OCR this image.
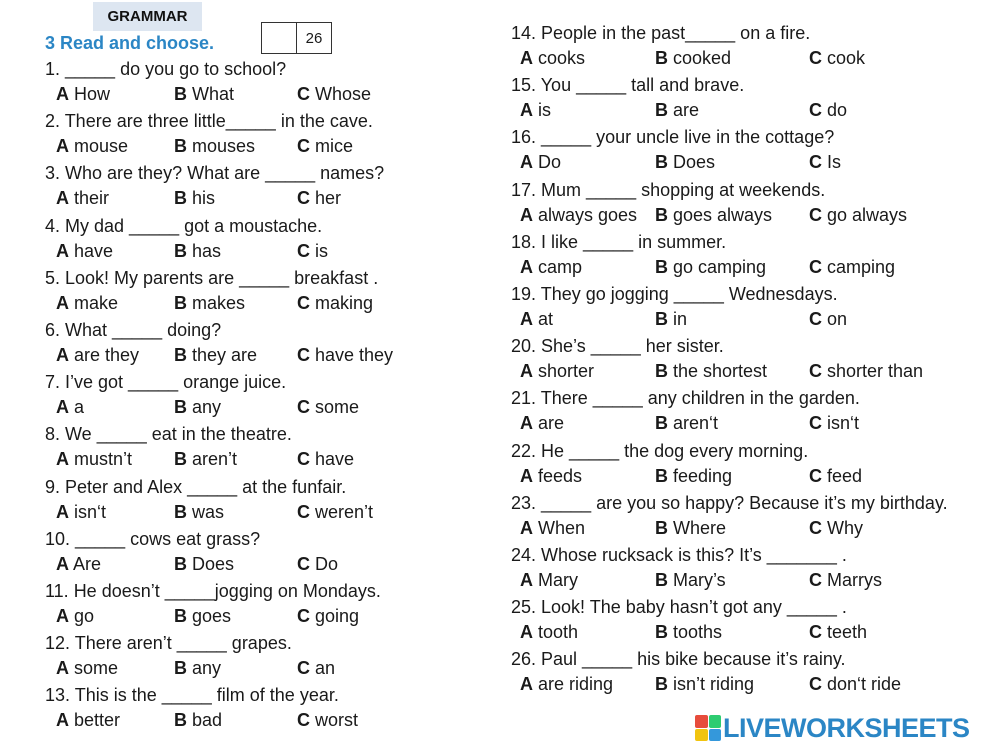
GRAMMAR
3 Read and choose.	26
1. _____ do you go to school?
A How	B What	C Whose
2. There are three little_____ in the cave.
A mouse	B mouses C mice
3. Who are they? What are _____ names?
A their	B his	C her
4. My dad _____ got a moustache.
A have	B has	C is
5. Look! My parents are _____ breakfast .
A make	B makes	C making
6. What _____ doing?
A are they B they are C have they
7. I’ve got _____ orange juice.
A a	B any	C some
8. We _____ eat in the theatre.
A mustn’t B aren’t	C have
9. Peter and Alex _____ at the funfair.
A isn‘t	B was	C weren’t
10. _____ cows eat grass?
A Are	B Does	C Do
11. He doesn’t _____jogging on Mondays.
A go	B goes	C going
12. There aren’t _____ grapes.
A some	B any	C an
13. This is the _____ film of the year.
A better	B bad	C worst
14. People in the past_____ on a fire.
A cooks	B cooked	C cook
15. You _____ tall and brave.
A is	B are	C do
16. _____ your uncle live in the cottage?
A Do	B Does	C Is
17. Mum _____ shopping at weekends.
A always goes B goes always C go always
18. I like _____ in summer.
A camp	B go camping C camping
19. They go jogging _____ Wednesdays.
A at	B in	C on
20. She’s _____ her sister.
A shorter	B the shortest C shorter than
21. There _____ any children in the garden.
A are	B aren‘t	C isn‘t
22. He _____ the dog every morning.
A feeds	B feeding	C feed
23. _____ are you so happy? Because it’s my birthday.
A When	B Where	C Why
24. Whose rucksack is this? It’s _______ .
A Mary	B Mary’s	C Marrys
25. Look! The baby hasn’t got any _____ .
A tooth	B tooths	C teeth
26. Paul _____ his bike because it’s rainy.
A are riding B isn’t riding	C don‘t ride
LIVEWORKSHEETS
